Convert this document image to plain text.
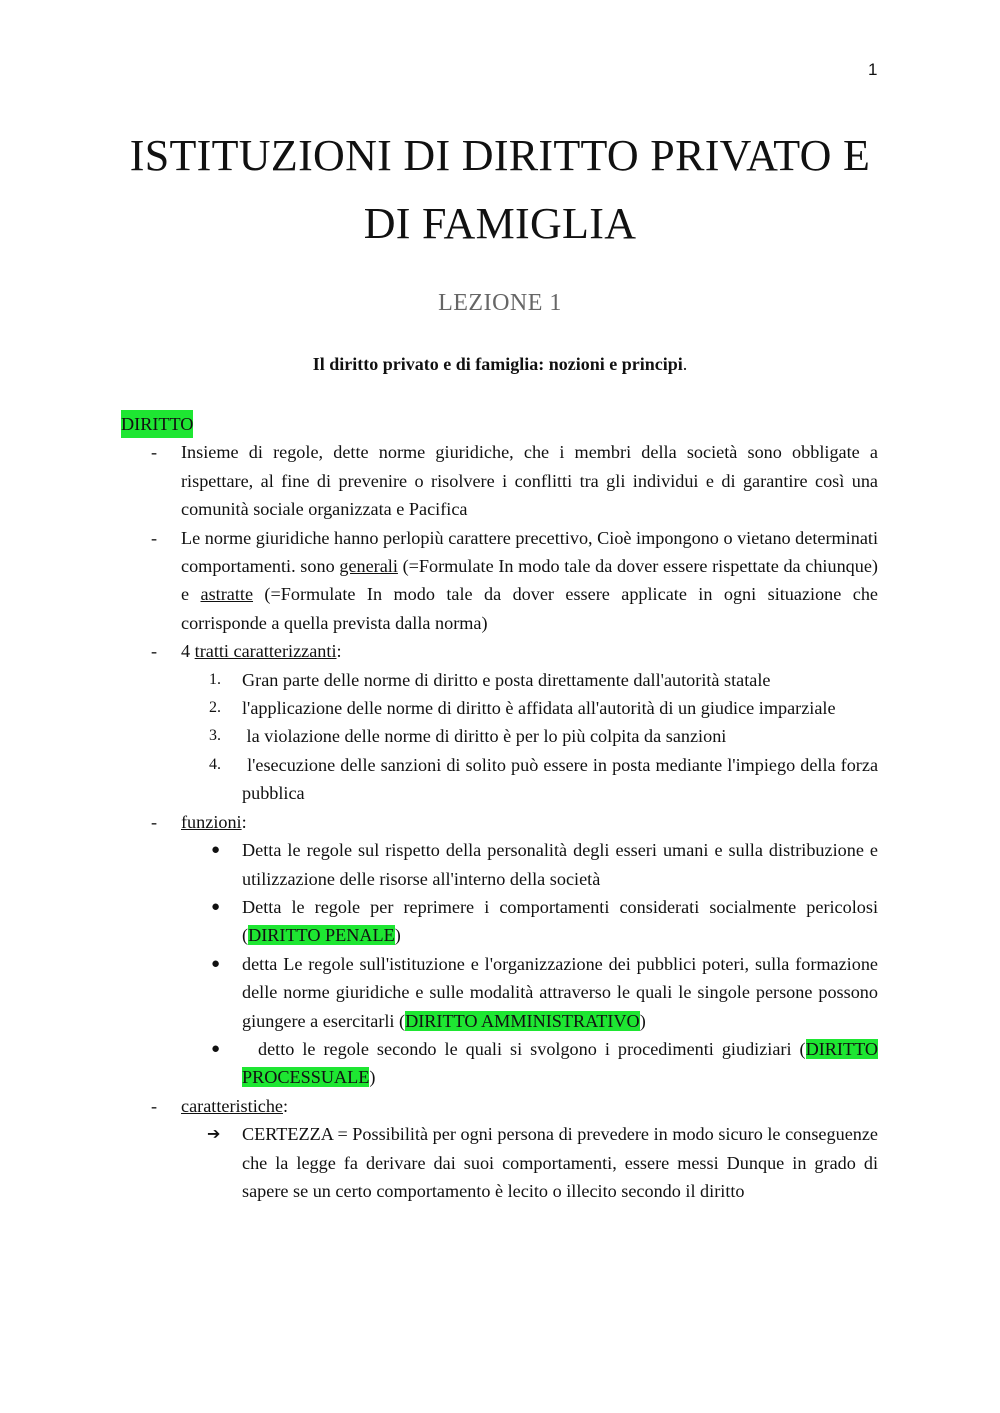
1
ISTITUZIONI DI DIRITTO PRIVATO E
DI FAMIGLIA
LEZIONE 1
Il diritto privato e di famiglia: nozioni e principi.
DIRITTO
- Insieme di regole, dette norme giuridiche, che i membri della società sono obbligate a rispettare, al fine di prevenire o risolvere i conflitti tra gli individui e di garantire così una comunità sociale organizzata e Pacifica
- Le norme giuridiche hanno perlopiù carattere precettivo, Cioè impongono o vietano determinati comportamenti. sono generali (=Formulate In modo tale da dover essere rispettate da chiunque) e astratte (=Formulate In modo tale da dover essere applicate in ogni situazione che corrisponde a quella prevista dalla norma)
- 4 tratti caratterizzanti:
1. Gran parte delle norme di diritto e posta direttamente dall'autorità statale
2. l'applicazione delle norme di diritto è affidata all'autorità di un giudice imparziale
3. la violazione delle norme di diritto è per lo più colpita da sanzioni
4. l'esecuzione delle sanzioni di solito può essere in posta mediante l'impiego della forza pubblica
- funzioni:
● Detta le regole sul rispetto della personalità degli esseri umani e sulla distribuzione e utilizzazione delle risorse all'interno della società
● Detta le regole per reprimere i comportamenti considerati socialmente pericolosi (DIRITTO PENALE)
● detta Le regole sull'istituzione e l'organizzazione dei pubblici poteri, sulla formazione delle norme giuridiche e sulle modalità attraverso le quali le singole persone possono giungere a esercitarli (DIRITTO AMMINISTRATIVO)
● detto le regole secondo le quali si svolgono i procedimenti giudiziari (DIRITTO PROCESSUALE)
- caratteristiche:
➔ CERTEZZA = Possibilità per ogni persona di prevedere in modo sicuro le conseguenze che la legge fa derivare dai suoi comportamenti, essere messi Dunque in grado di sapere se un certo comportamento è lecito o illecito secondo il diritto
